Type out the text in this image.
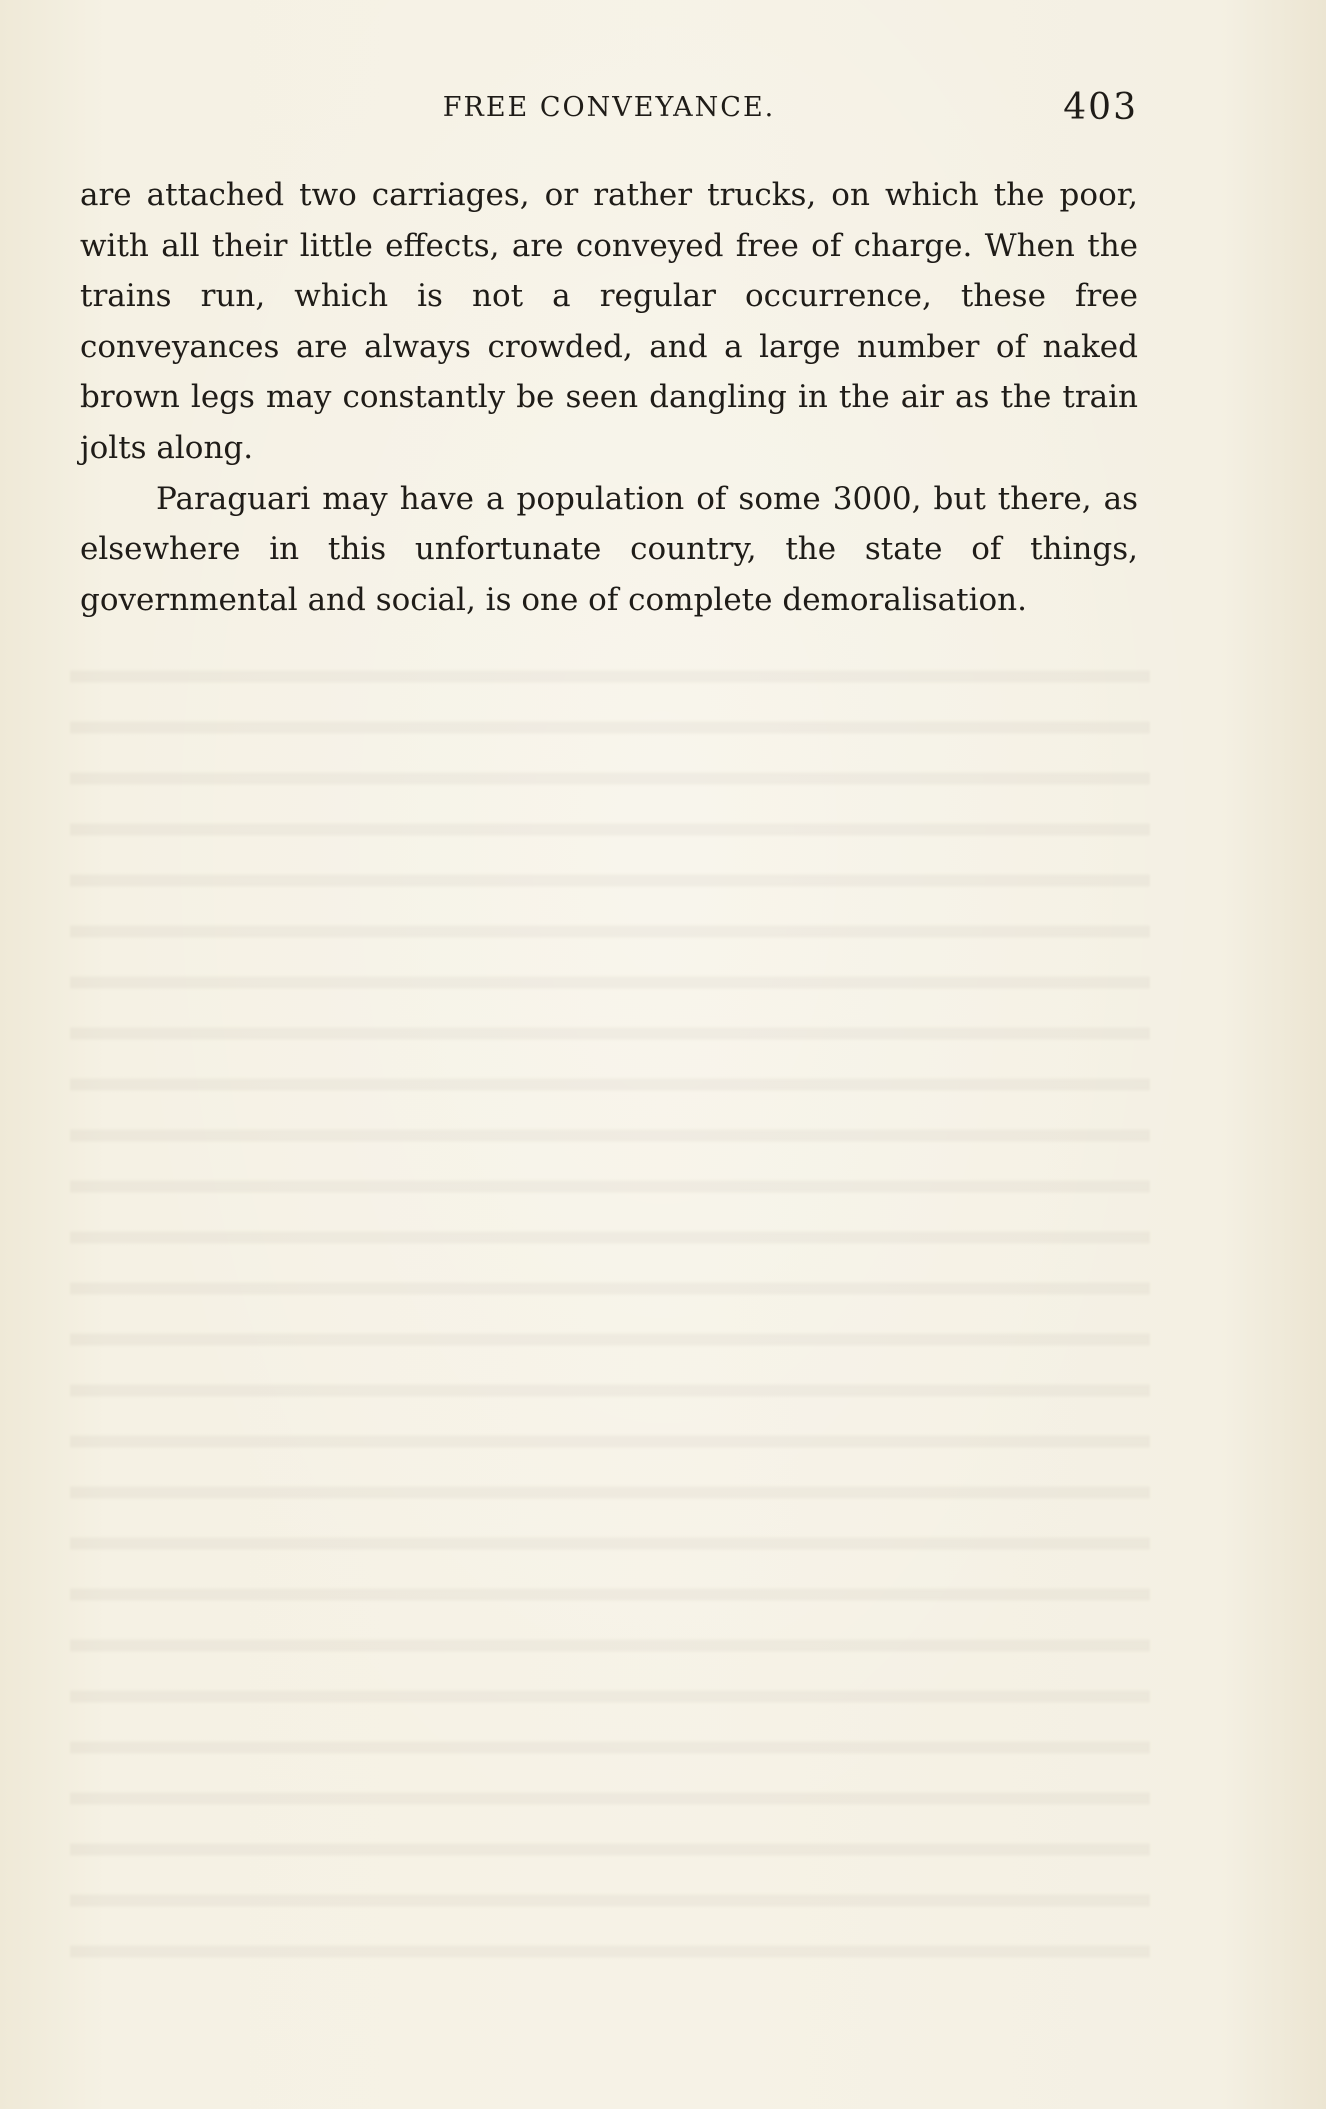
FREE CONVEYANCE.	403

are attached two carriages, or rather trucks, on which the poor, with all their little effects, are conveyed free of charge. When the trains run, which is not a regular occurrence, these free conveyances are always crowded, and a large number of naked brown legs may constantly be seen dangling in the air as the train jolts along.

Paraguari may have a population of some 3000, but there, as elsewhere in this unfortunate country, the state of things, governmental and social, is one of complete demoralisation.
